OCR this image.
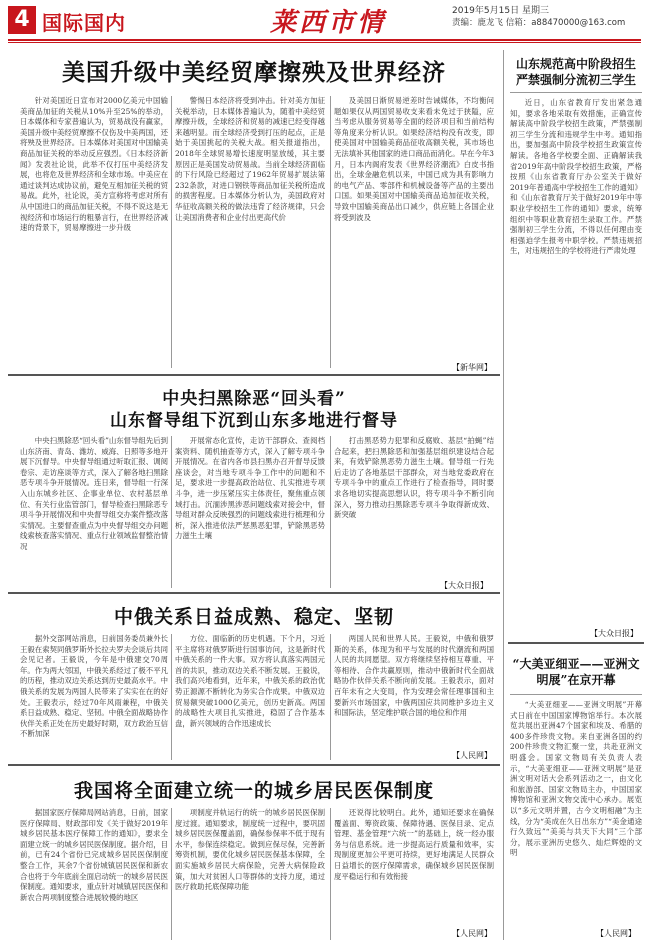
4 国际国内	莱西市情	2019年5月15日 星期三
责编：鹿龙飞 信箱：a88470000@163.com
美国升级中美经贸摩擦殃及世界经济

针对美国近日宣布对2000亿美元中国输美商品加征的关税从10%升至25%的举动，日本媒体和专家普遍认为，贸易战没有赢家，美国升级中美经贸摩擦不仅伤及中美两国，还将殃及世界经济。日本媒体对美国对中国输美商品加征关税的举动反应强烈。《日本经济新闻》发表社论说，此举不仅打压中美经济发展，也将危及世界经济和全球市场。中美应在通过谈判达成协议前，避免互相加征关税的贸易战。此外，社论说，美方宣称将考虑对所有从中国进口的商品加征关税，不得不说这是无视经济和市场运行的粗暴言行，在世界经济减速的背景下，贸易摩擦进一步升级

警惕日本经济将受到冲击。针对美方加征关税举动，日本媒体普遍认为，随着中美经贸摩擦升级，全球经济和贸易的减速已经变得越来越明显。而全球经济受到打压的起点，正是始于美国挑起的关税大战。相关报道指出，2018年全球贸易增长速度明显放缓，其主要原因正是美国发动贸易战。当前全球经济面临的下行风险已经超过了1962年贸易扩展法第232条款，对进口钢铁等商品加征关税所造成的损害程度。日本媒体分析认为，美国政府对华征收高额关税的做法违背了经济规律，只会让美国消费者和企业付出更高代价

及美国日渐贸易逆差时告诫媒体，不均衡问题如果仅从两国贸易收支来看未免过于狭隘，应当考虑从服务贸易等全面的经济项目和当前结构等角度来分析认识。如果经济结构没有改变，即使美国对中国输美商品征收高额关税，其市场也无法填补其他国家的进口商品而消化。早在今年3月，日本内阁府发表《世界经济潮流》白皮书指出，全球金融危机以来，中国已成为具有影响力的电气产品、零部件和机械设备等产品的主要出口国。如果美国对中国输美商品追加征收关税，导致中国输美商品出口减少，供应链上各国企业将受到波及

【新华网】
中央扫黑除恶“回头看”
山东督导组下沉到山东多地进行督导

中央扫黑除恶“回头看”山东督导组先后到山东济南、青岛、潍坊、威海、日照等多地开展下沉督导。中央督导组通过听取汇报、调阅卷宗、走访座谈等方式，深入了解各地扫黑除恶专项斗争开展情况。连日来，督导组一行深入山东城乡社区、企事业单位、农村基层单位、有关行业监管部门，督导检查扫黑除恶专项斗争开展情况和中央督导组交办案件整改落实情况。主要督查重点为中央督导组交办问题线索核查落实情况、重点行业领域监督整治情况

开展常态化宣传，走访干部群众、查阅档案资料、随机抽查等方式，深入了解专项斗争开展情况。在省内各市县扫黑办召开督导反馈座谈会，对当地专项斗争工作中的问题和不足，要求进一步提高政治站位、扎实推进专项斗争，进一步压紧压实主体责任，聚焦重点领域打击。沉湎涉黑涉恶问题线索对接会中，督导组对群众反映强烈的问题线索进行梳理和分析，深入推进依法严惩黑恶犯罪，铲除黑恶势力滋生土壤

打击黑恶势力犯罪和反腐败、基层“拍蝇”结合起来，把扫黑除恶和加强基层组织建设结合起来，有效铲除黑恶势力滋生土壤。督导组一行先后走访了各地基层干部群众，对当地党委政府在专项斗争中的重点工作进行了检查指导，同时要求各地切实提高思想认识，将专项斗争不断引向深入，努力推动扫黑除恶专项斗争取得新成效、新突破

【大众日报】
中俄关系日益成熟、稳定、坚韧

据外交部网站消息，日前国务委员兼外长王毅在索契同俄罗斯外长拉夫罗夫会谈后共同会见记者。王毅说，今年是中俄建交70周年。作为两大邻国，中俄关系经过了极不平凡的历程，推动双边关系达到历史最高水平。中俄关系的发展为两国人民带来了实实在在的好处。王毅表示，经过70年风雨兼程，中俄关系日益成熟、稳定、坚韧。中俄全面战略协作伙伴关系正处在历史最好时期，双方政治互信不断加深

方位、面临新的历史机遇。下个月，习近平主席将对俄罗斯进行国事访问，这是新时代中俄关系的一件大事。双方将认真落实两国元首的共识，推动双边关系不断发展。王毅说，我们高兴地看到，近年来，中俄关系的政治优势正源源不断转化为务实合作成果。中俄双边贸易额突破1000亿美元，创历史新高。两国的战略性大项目扎实推进，稳固了合作基本盘，新兴领域的合作迅速成长

两国人民和世界人民。王毅说，中俄和俄罗斯的关系，体现为和平与发展的时代潮流和两国人民的共同愿望。双方将继续坚持相互尊重、平等相待、合作共赢原则，推动中俄新时代全面战略协作伙伴关系不断向前发展。王毅表示，面对百年未有之大变局，作为安理会常任理事国和主要新兴市场国家，中俄两国应共同维护多边主义和国际法，坚定维护联合国的地位和作用

【人民网】
我国将全面建立统一的城乡居民医保制度

据国家医疗保障局网站消息，日前，国家医疗保障局、财政部印发《关于做好2019年城乡居民基本医疗保障工作的通知》，要求全面建立统一的城乡居民医保制度。据介绍，目前，已有24个省份已完成城乡居民医保制度整合工作，其余7个省份城镇居民医保和新农合也将于今年底前全面启动统一的城乡居民医保制度。通知要求，重点针对城镇居民医保和新农合两项制度整合进展较慢的地区

项制度并轨运行的统一的城乡居民医保制度过渡。通知要求，制度统一过程中，要巩固城乡居民医保覆盖面，确保参保率不低于现有水平，参保连续稳定。做到应保尽保，完善新筹资机制，要优化城乡居民医保基本保障，全面实施城乡居民大病保险，完善大病保险政策，加大对贫困人口等群体的支持力度，通过医疗救助托底保障功能

还说得比较明白。此外，通知还要求在确保覆盖面、筹资政策、保障待遇、医保目录、定点管理、基金管理“六统一”的基础上，统一经办服务与信息系统。进一步提高运行质量和效率，实现制度更加公平更可持续，更好地满足人民群众日益增长的医疗保障需求，确保城乡居民医保制度平稳运行和有效衔接

【人民网】
山东规范高中阶段招生 严禁强制分流初三学生

近日，山东省教育厅发出紧急通知，要求各地采取有效措施，正确宣传解读高中阶段学校招生政策，严禁强制初三学生分流和违规学生中考。通知指出，要加强高中阶段学校招生政策宣传解读。各地各学校要全面、正确解读我省2019年高中阶段学校招生政策，严格按照《山东省教育厅办公室关于做好2019年普通高中学校招生工作的通知》和《山东省教育厅关于做好2019年中等职业学校招生工作的通知》要求，统筹组织中等职业教育招生录取工作。严禁强制初三学生分流，不得以任何理由变相强迫学生报考中职学校。严禁违规招生，对违规招生的学校将进行严肃处理

【大众日报】
“大美亚细亚——亚洲文明展”在京开幕

“大美亚细亚——亚洲文明展”开幕式日前在中国国家博物馆举行。本次展览共展出亚洲47个国家和埃及、希腊的400多件珍贵文物。来自亚洲各国的约200件珍贵文物汇聚一堂，共赴亚洲文明盛会。国家文物局有关负责人表示，“大美亚细亚——亚洲文明展”是亚洲文明对话大会系列活动之一，由文化和旅游部、国家文物局主办，中国国家博物馆和亚洲文物交流中心承办。展览以“多元文明并置，古今文明相融”为主线，分为“美成在久日出东方”“美金通途行久致远”“美美与共天下大同”三个部分，展示亚洲历史悠久、灿烂辉煌的文明

【人民网】
